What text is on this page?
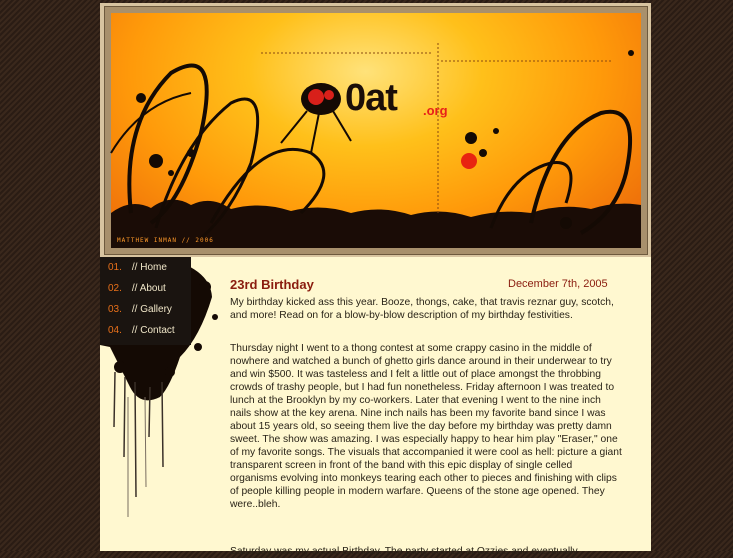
0at .org
MATTHEW INMAN // 2006
01. // Home
02. // About
03. // Gallery
04. // Contact
23rd Birthday	December 7th, 2005
My birthday kicked ass this year. Booze, thongs, cake, that travis reznar guy, scotch, and more! Read on for a blow-by-blow description of my birthday festivities.
Thursday night I went to a thong contest at some crappy casino in the middle of nowhere and watched a bunch of ghetto girls dance around in their underwear to try and win $500. It was tasteless and I felt a little out of place amongst the throbbing crowds of trashy people, but I had fun nonetheless. Friday afternoon I was treated to lunch at the Brooklyn by my co-workers. Later that evening I went to the nine inch nails show at the key arena. Nine inch nails has been my favorite band since I was about 15 years old, so seeing them live the day before my birthday was pretty damn sweet. The show was amazing. I was especially happy to hear him play "Eraser," one of my favorite songs. The visuals that accompanied it were cool as hell: picture a giant transparent screen in front of the band with this epic display of single celled organisms evolving into monkeys tearing each other to pieces and finishing with clips of people killing people in modern warfare. Queens of the stone age opened. They were..bleh.
Saturday was my actual Birthday. The party started at Ozzies and eventually
